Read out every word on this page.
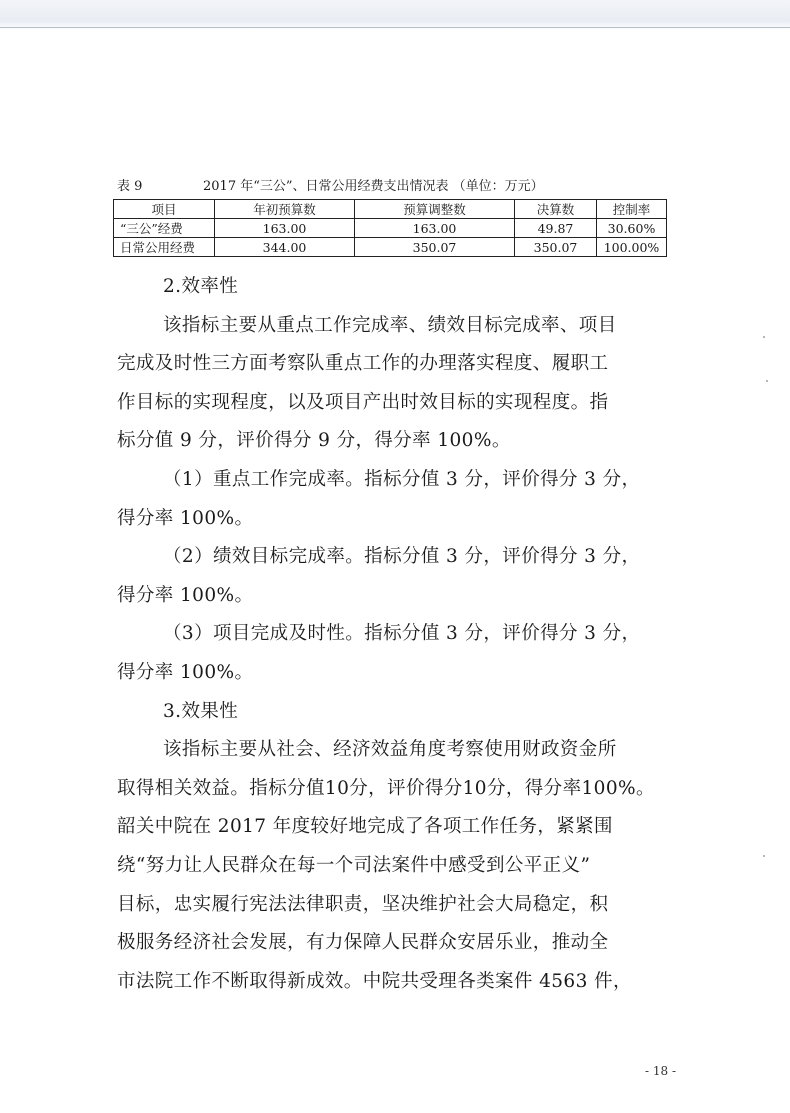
表 9	2017 年“三公”、日常公用经费支出情况表 （单位：万元）
项目	年初预算数	预算调整数	决算数	控制率
“三公”经费	163.00	163.00	49.87	30.60%
日常公用经费	344.00	350.07	350.07	100.00%
2.效率性
该指标主要从重点工作完成率、绩效目标完成率、项目
完成及时性三方面考察队重点工作的办理落实程度、履职工
作目标的实现程度，以及项目产出时效目标的实现程度。指
标分值 9 分，评价得分 9 分，得分率 100%。
（1）重点工作完成率。指标分值 3 分，评价得分 3 分，
得分率 100%。
（2）绩效目标完成率。指标分值 3 分，评价得分 3 分，
得分率 100%。
（3）项目完成及时性。指标分值 3 分，评价得分 3 分，
得分率 100%。
3.效果性
该指标主要从社会、经济效益角度考察使用财政资金所
取得相关效益。指标分值10分，评价得分10分，得分率100%。
韶关中院在 2017 年度较好地完成了各项工作任务，紧紧围
绕“努力让人民群众在每一个司法案件中感受到公平正义”
目标，忠实履行宪法法律职责，坚决维护社会大局稳定，积
极服务经济社会发展，有力保障人民群众安居乐业，推动全
市法院工作不断取得新成效。中院共受理各类案件 4563 件，
- 18 -
